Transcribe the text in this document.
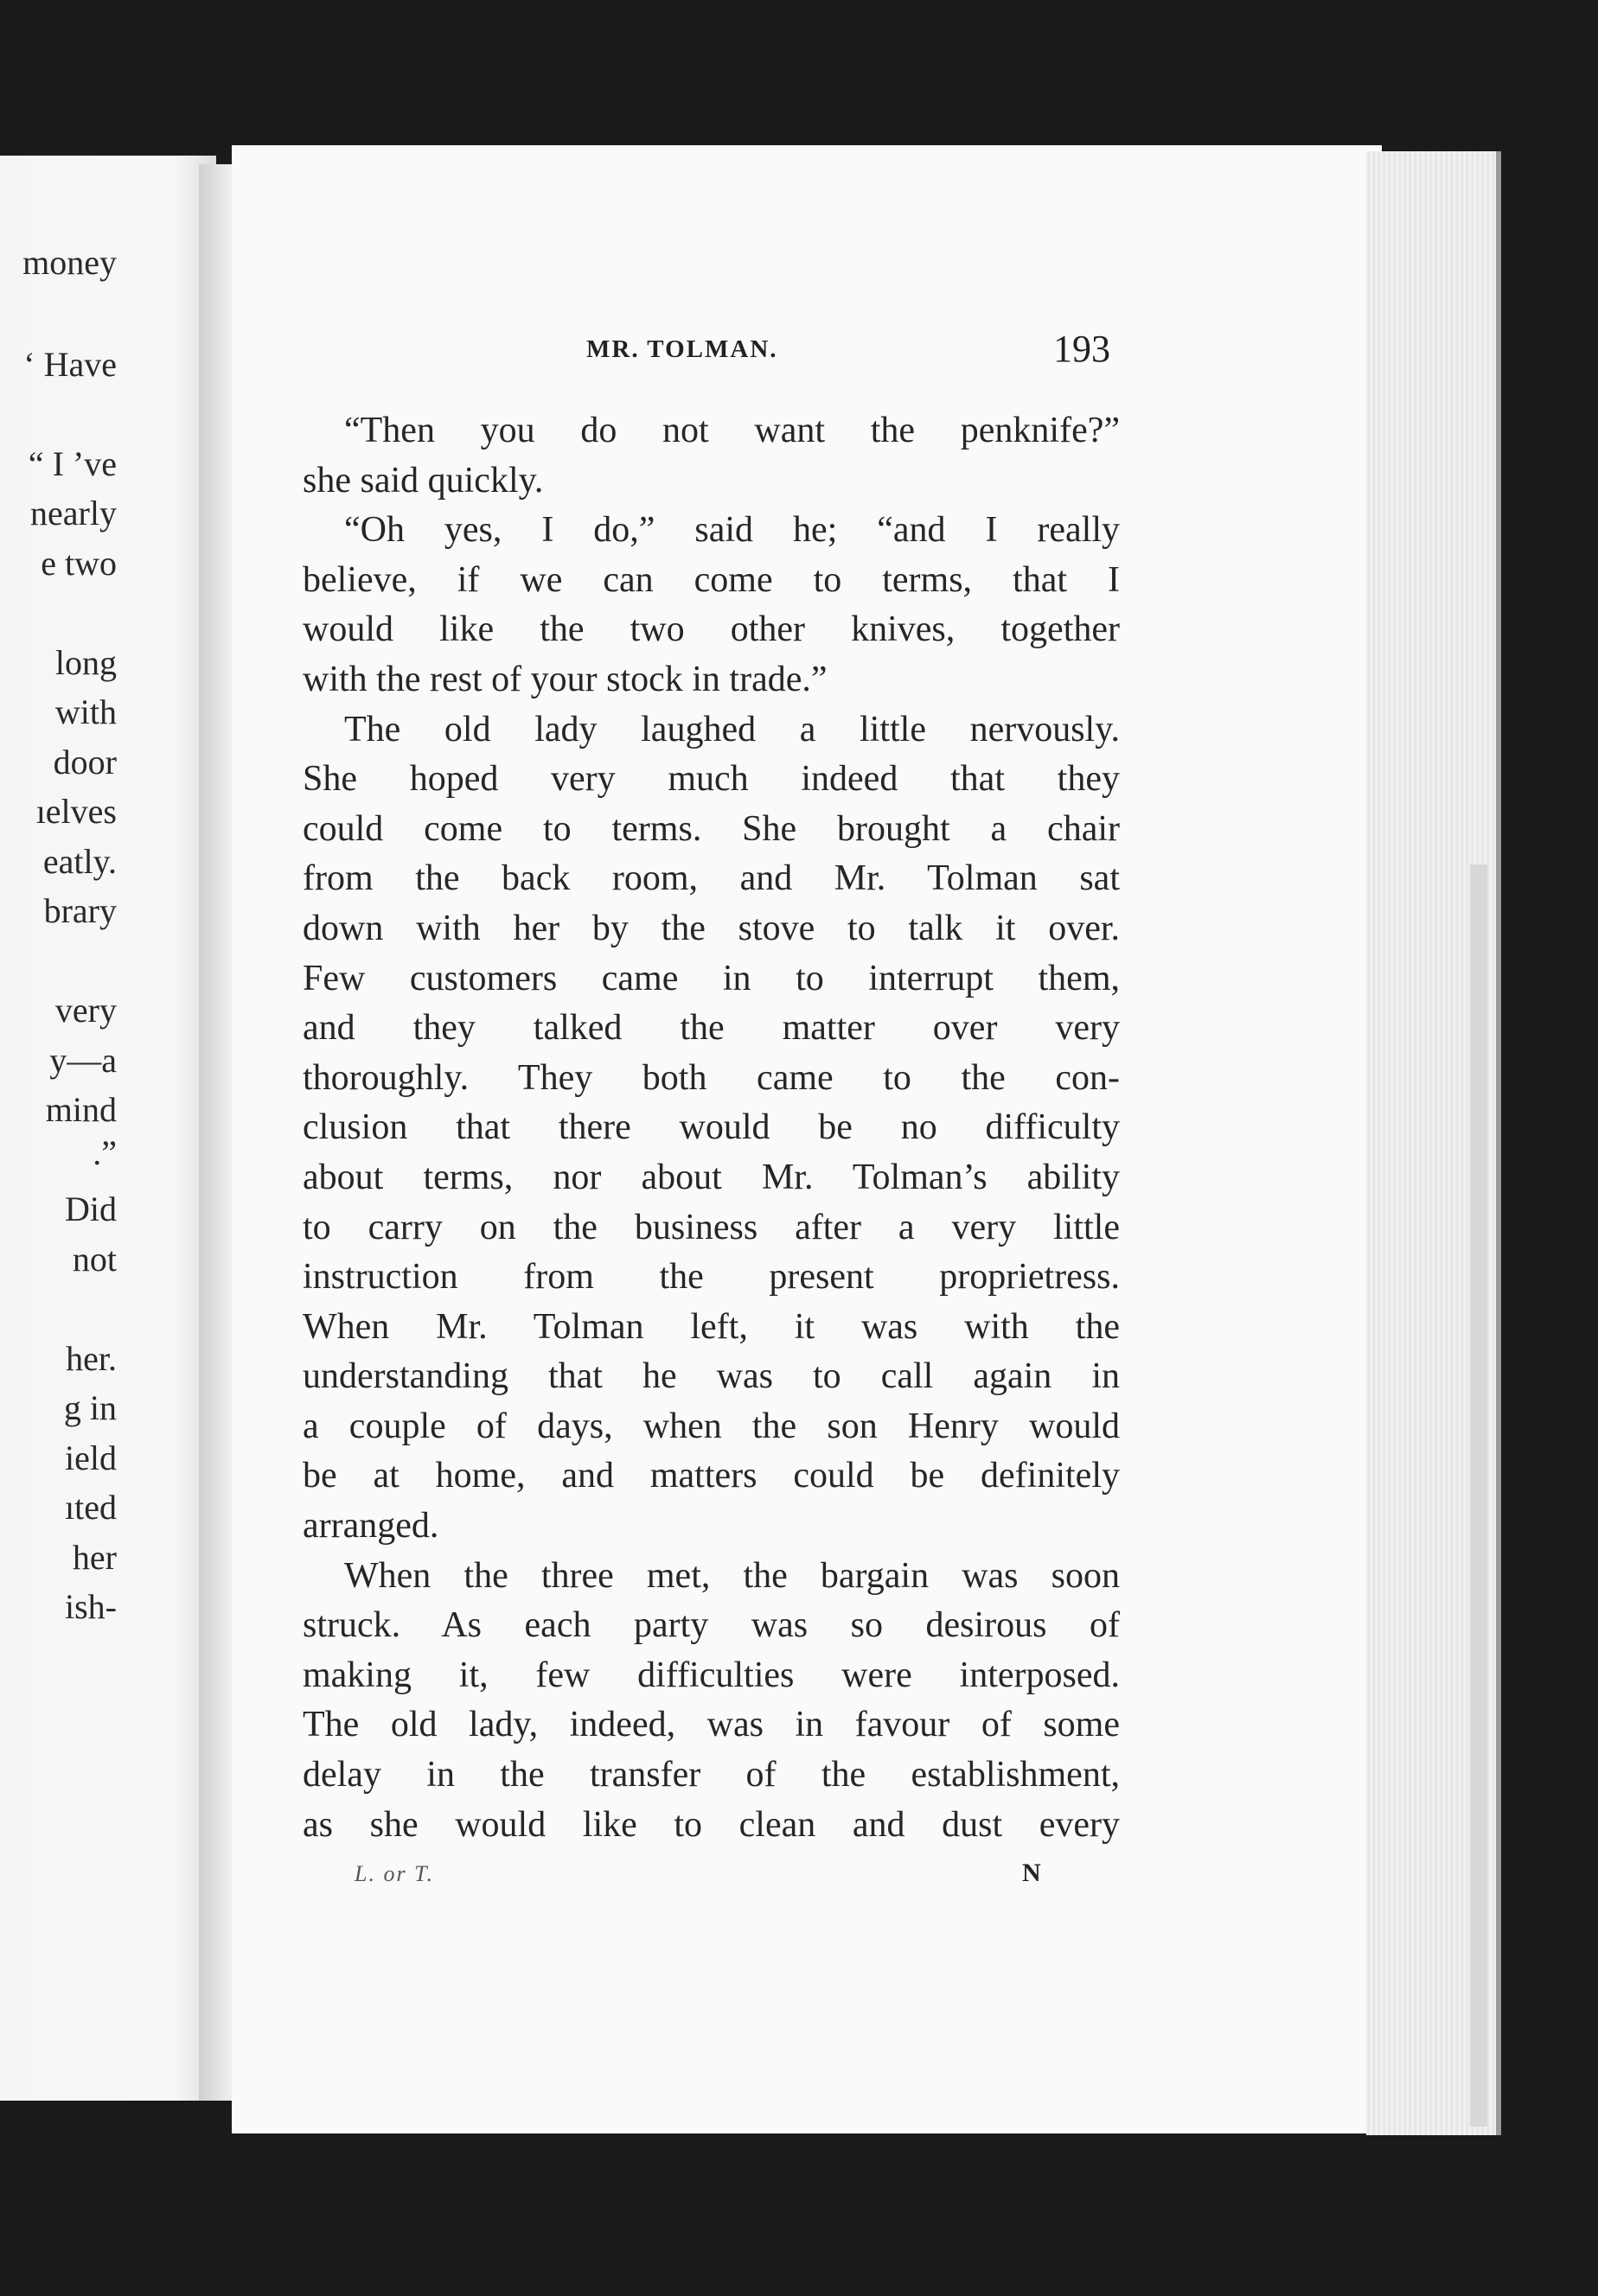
money
‘ Have
“ I ’ve
nearly
e two
long
with
door
ıelves
eatly.
brary
very
y—a
mind
.”
Did
not
her.
g in
ield
ıted
her
ish-
MR. TOLMAN.	193
“Then you do not want the penknife?”
she said quickly.
“Oh yes, I do,” said he; “and I really
believe, if we can come to terms, that I
would like the two other knives, together
with the rest of your stock in trade.”
The old lady laughed a little nervously.
She hoped very much indeed that they
could come to terms. She brought a chair
from the back room, and Mr. Tolman sat
down with her by the stove to talk it over.
Few customers came in to interrupt them,
and they talked the matter over very
thoroughly. They both came to the con-
clusion that there would be no difficulty
about terms, nor about Mr. Tolman’s ability
to carry on the business after a very little
instruction from the present proprietress.
When Mr. Tolman left, it was with the
understanding that he was to call again in
a couple of days, when the son Henry would
be at home, and matters could be definitely
arranged.
When the three met, the bargain was soon
struck. As each party was so desirous of
making it, few difficulties were interposed.
The old lady, indeed, was in favour of some
delay in the transfer of the establishment,
as she would like to clean and dust every
L. or T.	N
